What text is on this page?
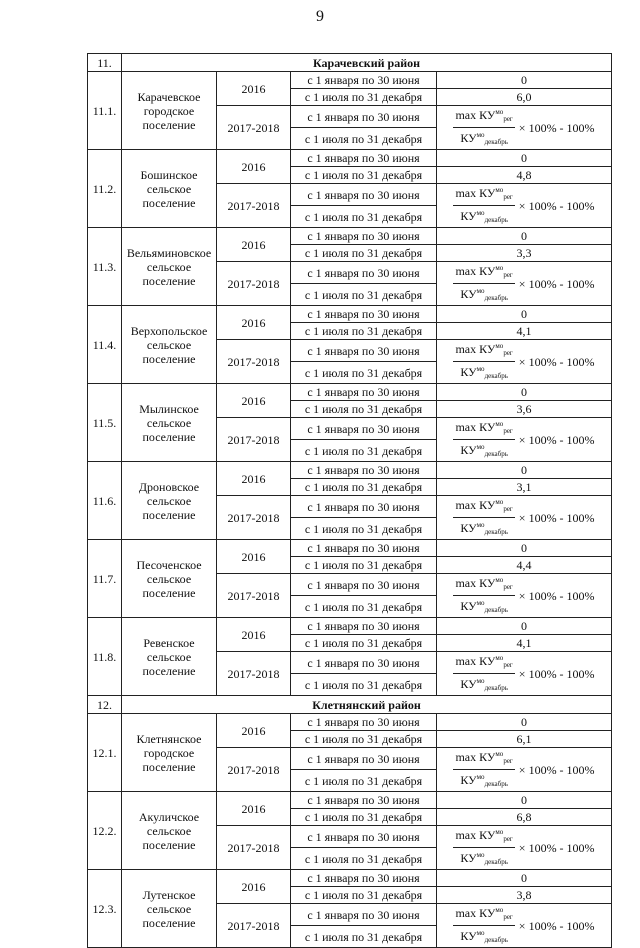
9
11.	Карачевский район			
11.1.	Карачевское городское поселение	2016	с 1 января по 30 июня	0
			с 1 июля по 31 декабря	6,0
		2017-2018	с 1 января по 30 июня	$\frac{\max КУ^{мо}_{рег}}{КУ^{мо}_{декабрь}} \times 100\% - 100\%$

			с 1 июля по 31 декабря	
11.2.	Бошинское сельское поселение	2016	с 1 января по 30 июня	0
			с 1 июля по 31 декабря	4,8
		2017-2018	с 1 января по 30 июня	$\frac{\max КУ^{мо}_{рег}}{КУ^{мо}_{декабрь}} \times 100\% - 100\%$

			с 1 июля по 31 декабря	
11.3.	Вельяминовское сельское поселение	2016	с 1 января по 30 июня	0
			с 1 июля по 31 декабря	3,3
		2017-2018	с 1 января по 30 июня	$\frac{\max КУ^{мо}_{рег}}{КУ^{мо}_{декабрь}} \times 100\% - 100\%$

			с 1 июля по 31 декабря	
11.4.	Верхопольское сельское поселение	2016	с 1 января по 30 июня	0
			с 1 июля по 31 декабря	4,1
		2017-2018	с 1 января по 30 июня	$\frac{\max КУ^{мо}_{рег}}{КУ^{мо}_{декабрь}} \times 100\% - 100\%$

			с 1 июля по 31 декабря	
11.5.	Мылинское сельское поселение	2016	с 1 января по 30 июня	0
			с 1 июля по 31 декабря	3,6
		2017-2018	с 1 января по 30 июня	$\frac{\max КУ^{мо}_{рег}}{КУ^{мо}_{декабрь}} \times 100\% - 100\%$

			с 1 июля по 31 декабря	
11.6.	Дроновское сельское поселение	2016	с 1 января по 30 июня	0
			с 1 июля по 31 декабря	3,1
		2017-2018	с 1 января по 30 июня	$\frac{\max КУ^{мо}_{рег}}{КУ^{мо}_{декабрь}} \times 100\% - 100\%$

			с 1 июля по 31 декабря	
11.7.	Песоченское сельское поселение	2016	с 1 января по 30 июня	0
			с 1 июля по 31 декабря	4,4
		2017-2018	с 1 января по 30 июня	$\frac{\max КУ^{мо}_{рег}}{КУ^{мо}_{декабрь}} \times 100\% - 100\%$

			с 1 июля по 31 декабря	
11.8.	Ревенское сельское поселение	2016	с 1 января по 30 июня	0
			с 1 июля по 31 декабря	4,1
		2017-2018	с 1 января по 30 июня	$\frac{\max КУ^{мо}_{рег}}{КУ^{мо}_{декабрь}} \times 100\% - 100\%$

			с 1 июля по 31 декабря	
12.	Клетнянский район			
12.1.	Клетнянское городское поселение	2016	с 1 января по 30 июня	0
			с 1 июля по 31 декабря	6,1
		2017-2018	с 1 января по 30 июня	$\frac{\max КУ^{мо}_{рег}}{КУ^{мо}_{декабрь}} \times 100\% - 100\%$

			с 1 июля по 31 декабря	
12.2.	Акуличское сельское поселение	2016	с 1 января по 30 июня	0
			с 1 июля по 31 декабря	6,8
		2017-2018	с 1 января по 30 июня	$\frac{\max КУ^{мо}_{рег}}{КУ^{мо}_{декабрь}} \times 100\% - 100\%$

			с 1 июля по 31 декабря	
12.3.	Лутенское сельское поселение	2016	с 1 января по 30 июня	0
			с 1 июля по 31 декабря	3,8
		2017-2018	с 1 января по 30 июня	$\frac{\max КУ^{мо}_{рег}}{КУ^{мо}_{декабрь}} \times 100\% - 100\%$

			с 1 июля по 31 декабря	
